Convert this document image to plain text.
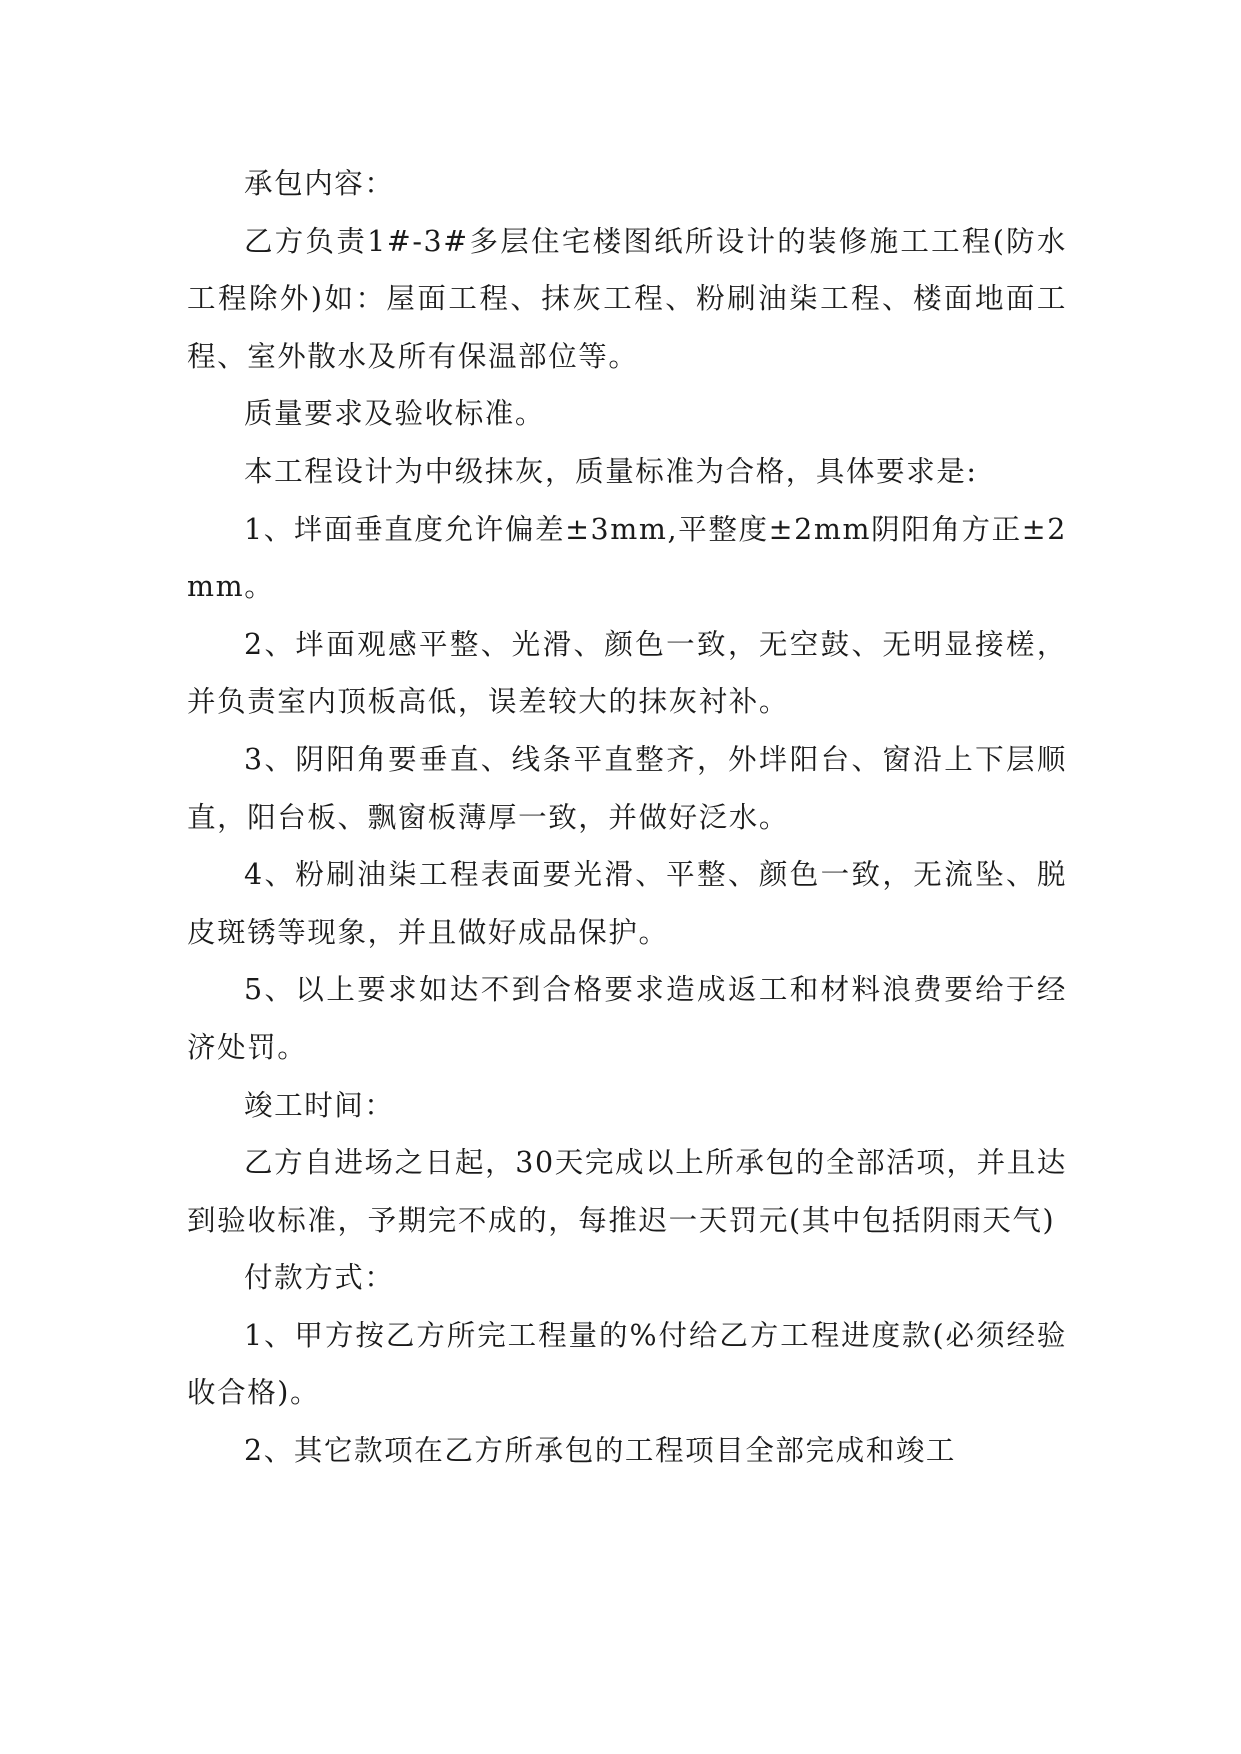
承包内容：

乙方负责1#-3#多层住宅楼图纸所设计的装修施工工程(防水工程除外)如：屋面工程、抹灰工程、粉刷油柒工程、楼面地面工程、室外散水及所有保温部位等。

质量要求及验收标准。

本工程设计为中级抹灰，质量标准为合格，具体要求是:

1、坢面垂直度允许偏差±3mm,平整度±2mm阴阳角方正±2mm。

2、坢面观感平整、光滑、颜色一致，无空鼓、无明显接槎，并负责室内顶板高低，误差较大的抹灰衬补。

3、阴阳角要垂直、线条平直整齐，外坢阳台、窗沿上下层顺直，阳台板、飘窗板薄厚一致，并做好泛水。

4、粉刷油柒工程表面要光滑、平整、颜色一致，无流坠、脱皮斑锈等现象，并且做好成品保护。

5、以上要求如达不到合格要求造成返工和材料浪费要给于经济处罚。

竣工时间：

乙方自进场之日起，30天完成以上所承包的全部活项，并且达到验收标准，予期完不成的，每推迟一天罚元(其中包括阴雨天气)

付款方式：

1、甲方按乙方所完工程量的%付给乙方工程进度款(必须经验收合格)。

2、其它款项在乙方所承包的工程项目全部完成和竣工
